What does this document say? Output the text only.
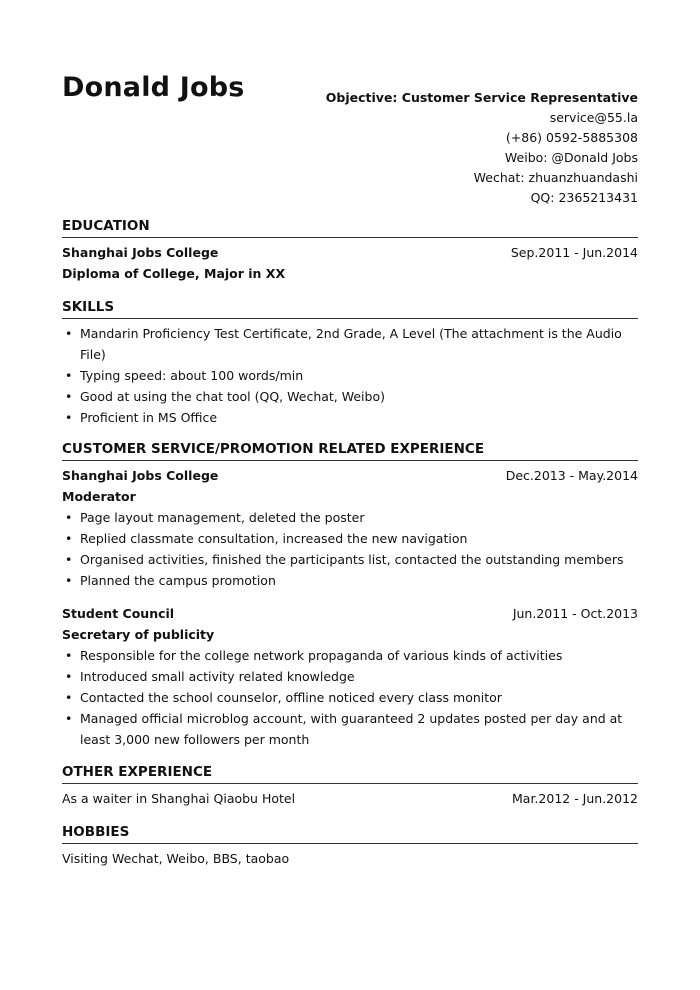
Donald Jobs	Objective: Customer Service Representative
service@55.la
(+86) 0592-5885308
Weibo: @Donald Jobs
Wechat: zhuanzhuandashi
QQ: 2365213431
EDUCATION
Shanghai Jobs College	Sep.2011 - Jun.2014
Diploma of College, Major in XX
SKILLS
• Mandarin Proficiency Test Certificate, 2nd Grade, A Level (The attachment is the Audio File)
• Typing speed: about 100 words/min
• Good at using the chat tool (QQ, Wechat, Weibo)
• Proficient in MS Office
CUSTOMER SERVICE/PROMOTION RELATED EXPERIENCE
Shanghai Jobs College	Dec.2013 - May.2014
Moderator
• Page layout management, deleted the poster
• Replied classmate consultation, increased the new navigation
• Organised activities, finished the participants list, contacted the outstanding members
• Planned the campus promotion
Student Council	Jun.2011 - Oct.2013
Secretary of publicity
• Responsible for the college network propaganda of various kinds of activities
• Introduced small activity related knowledge
• Contacted the school counselor, offline noticed every class monitor
• Managed official microblog account, with guaranteed 2 updates posted per day and at least 3,000 new followers per month
OTHER EXPERIENCE
As a waiter in Shanghai Qiaobu Hotel	Mar.2012 - Jun.2012
HOBBIES
Visiting Wechat, Weibo, BBS, taobao
